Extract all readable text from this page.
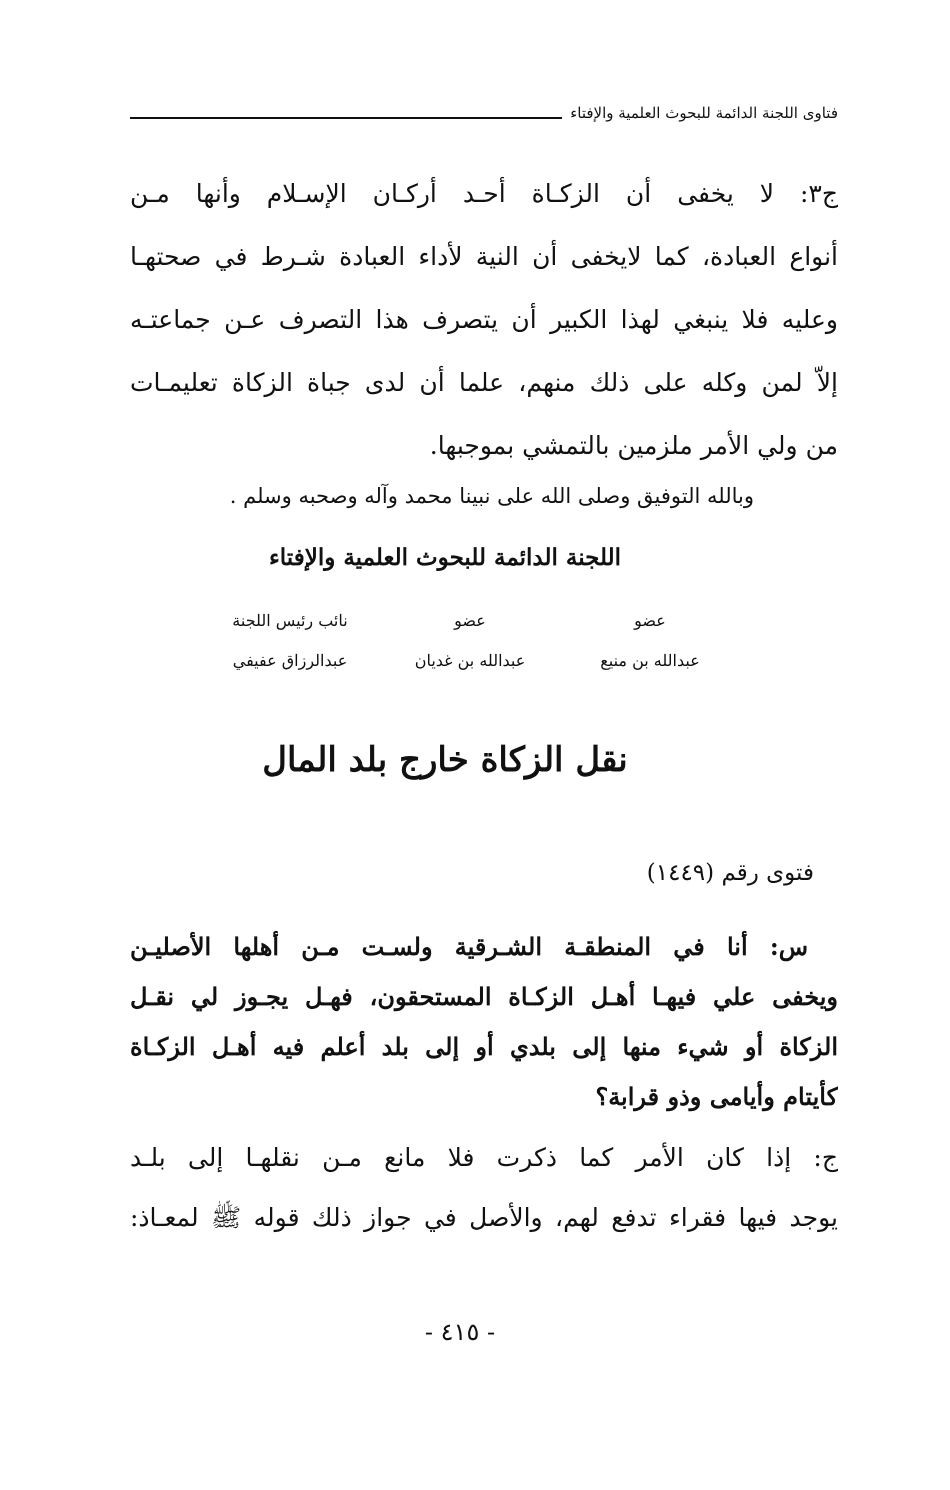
فتاوى اللجنة الدائمة للبحوث العلمية والإفتاء
ج٣: لا يخفى أن الزكـاة أحـد أركـان الإسـلام وأنها مـن
أنواع العبادة، كما لايخفى أن النية لأداء العبادة شـرط في صحتهـا
وعليه فلا ينبغي لهذا الكبير أن يتصرف هذا التصرف عـن جماعتـه
إلاّ لمن وكله على ذلك منهم، علما أن لدى جباة الزكاة تعليمـات
من ولي الأمر ملزمين بالتمشي بموجبها.
وبالله التوفيق وصلى الله على نبينا محمد وآله وصحبه وسلم .
اللجنة الدائمة للبحوث العلمية والإفتاء
عضو
عضو
نائب رئيس اللجنة
عبدالله بن منيع
عبدالله بن غديان
عبدالرزاق عفيفي
نقل الزكاة خارج بلد المال
فتوى رقم (١٤٤٩)
س: أنا في المنطقـة الشـرقية ولسـت مـن أهلها الأصليـن
ويخفى علي فيهـا أهـل الزكـاة المستحقون، فهـل يجـوز لي نقـل
الزكاة أو شيء منها إلى بلدي أو إلى بلد أعلم فيه أهـل الزكـاة
كأيتام وأيامى وذو قرابة؟
ج: إذا كان الأمر كما ذكرت فلا مانع مـن نقلهـا إلى بلـد
يوجد فيها فقراء تدفع لهم، والأصل في جواز ذلك قوله ﷺ لمعـاذ:
- ٤١٥ -
